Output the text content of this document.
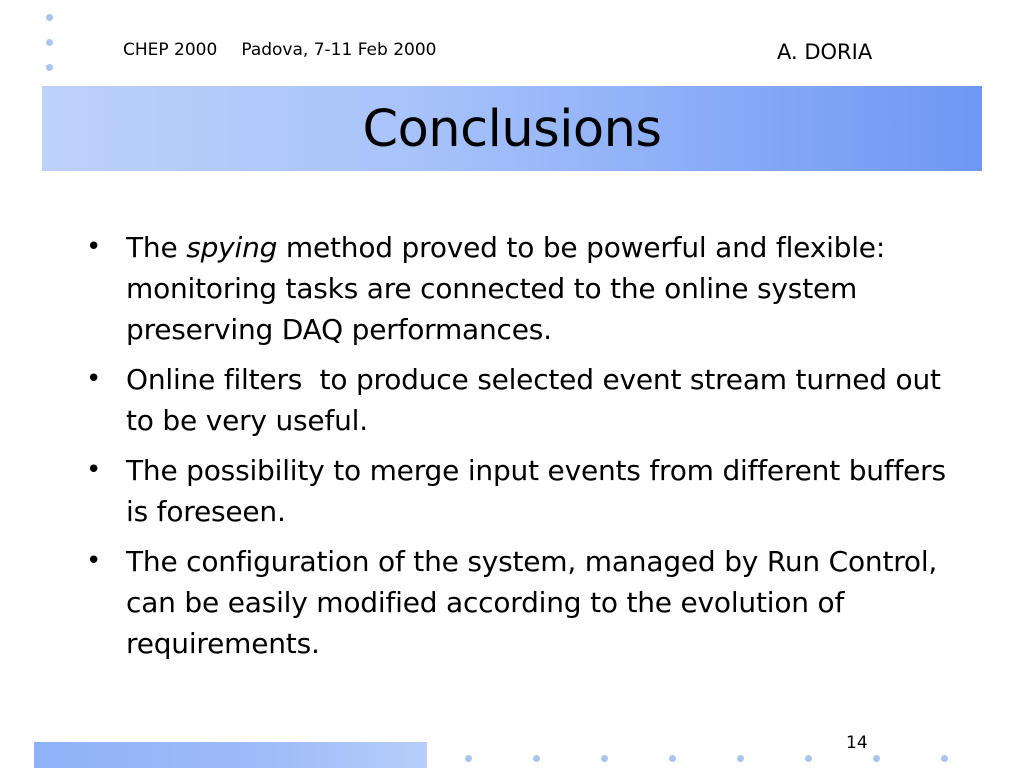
CHEP 2000 Padova, 7-11 Feb 2000	A. DORIA
Conclusions
• The spying method proved to be powerful and flexible: monitoring tasks are connected to the online system preserving DAQ performances.
• Online filters  to produce selected event stream turned out to be very useful.
• The possibility to merge input events from different buffers is foreseen.
• The configuration of the system, managed by Run Control, can be easily modified according to the evolution of requirements.
14
